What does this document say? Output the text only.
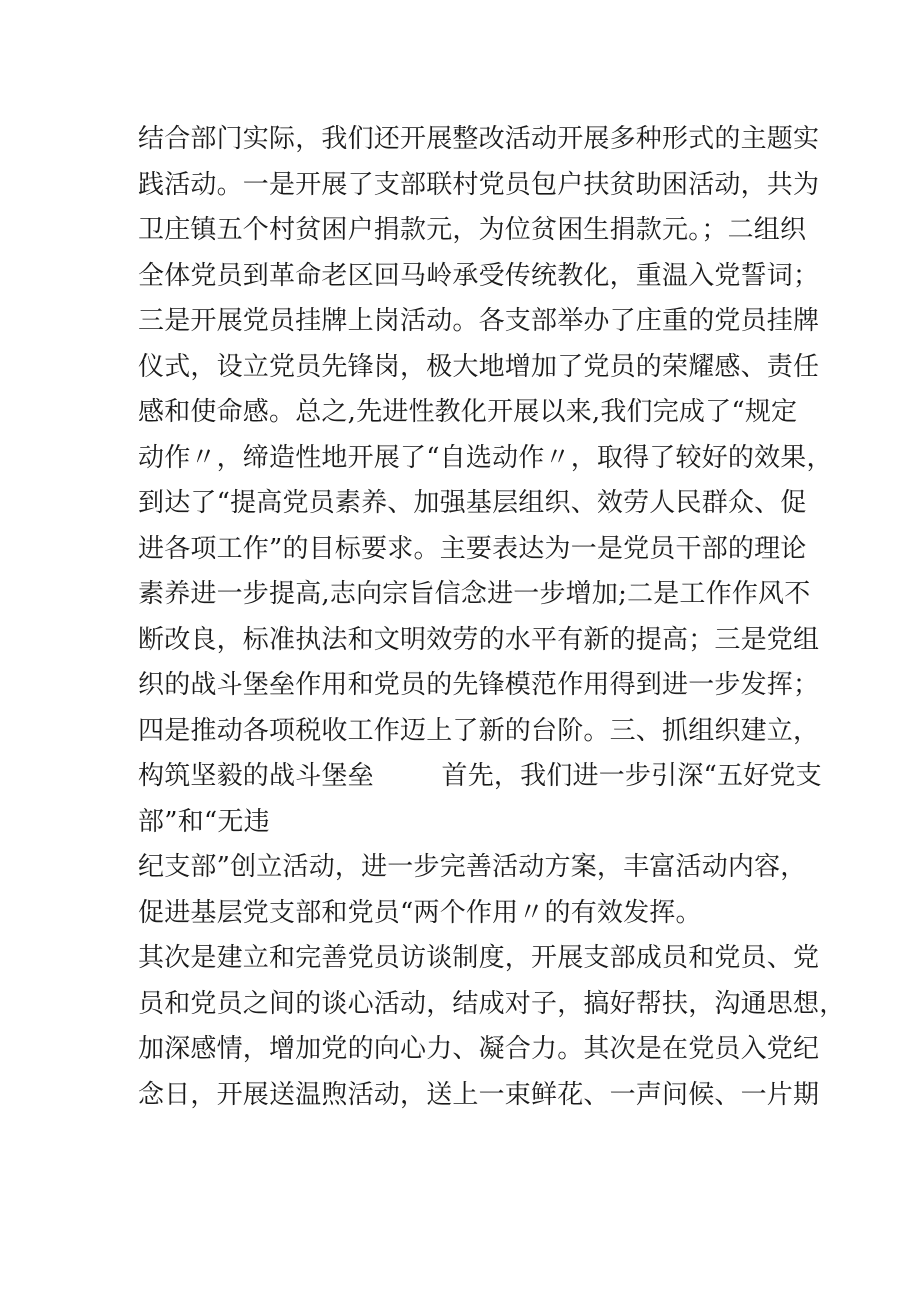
结合部门实际，我们还开展整改活动开展多种形式的主题实
践活动。一是开展了支部联村党员包户扶贫助困活动，共为
卫庄镇五个村贫困户捐款元，为位贫困生捐款元。；二组织
全体党员到革命老区回马岭承受传统教化，重温入党誓词；
三是开展党员挂牌上岗活动。各支部举办了庄重的党员挂牌
仪式，设立党员先锋岗，极大地增加了党员的荣耀感、责任
感和使命感。总之,先进性教化开展以来,我们完成了“规定
动作〃，缔造性地开展了“自选动作〃，取得了较好的效果，
到达了“提高党员素养、加强基层组织、效劳人民群众、促
进各项工作”的目标要求。主要表达为一是党员干部的理论
素养进一步提高,志向宗旨信念进一步增加;二是工作作风不
断改良，标准执法和文明效劳的水平有新的提高；三是党组
织的战斗堡垒作用和党员的先锋模范作用得到进一步发挥；
四是推动各项税收工作迈上了新的台阶。三、抓组织建立，
构筑坚毅的战斗堡垒        首先，我们进一步引深“五好党支
部”和“无违
纪支部”创立活动，进一步完善活动方案，丰富活动内容，
促进基层党支部和党员“两个作用〃的有效发挥。
其次是建立和完善党员访谈制度，开展支部成员和党员、党
员和党员之间的谈心活动，结成对子，搞好帮扶，沟通思想，
加深感情，增加党的向心力、凝合力。其次是在党员入党纪
念日，开展送温煦活动，送上一束鲜花、一声问候、一片期
